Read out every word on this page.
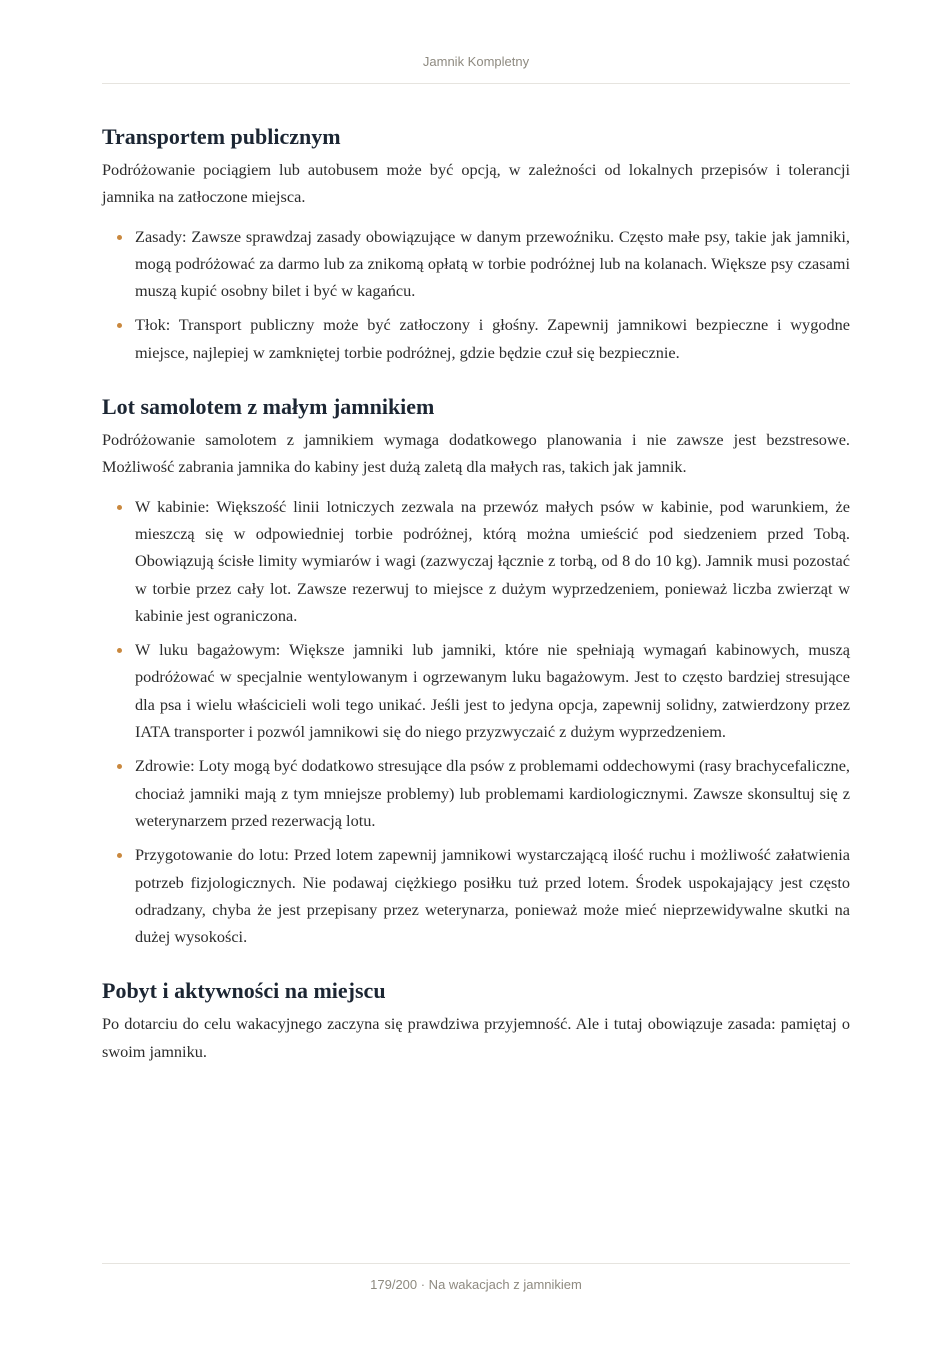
Jamnik Kompletny
Transportem publicznym

Podróżowanie pociągiem lub autobusem może być opcją, w zależności od lokalnych przepisów i tolerancji jamnika na zatłoczone miejsca.

Zasady: Zawsze sprawdzaj zasady obowiązujące w danym przewoźniku. Często małe psy, takie jak jamniki, mogą podróżować za darmo lub za znikomą opłatą w torbie podróżnej lub na kolanach. Większe psy czasami muszą kupić osobny bilet i być w kagańcu.
Tłok: Transport publiczny może być zatłoczony i głośny. Zapewnij jamnikowi bezpieczne i wygodne miejsce, najlepiej w zamkniętej torbie podróżnej, gdzie będzie czuł się bezpiecznie.
Lot samolotem z małym jamnikiem

Podróżowanie samolotem z jamnikiem wymaga dodatkowego planowania i nie zawsze jest bezstresowe. Możliwość zabrania jamnika do kabiny jest dużą zaletą dla małych ras, takich jak jamnik.

W kabinie: Większość linii lotniczych zezwala na przewóz małych psów w kabinie, pod warunkiem, że mieszczą się w odpowiedniej torbie podróżnej, którą można umieścić pod siedzeniem przed Tobą. Obowiązują ścisłe limity wymiarów i wagi (zazwyczaj łącznie z torbą, od 8 do 10 kg). Jamnik musi pozostać w torbie przez cały lot. Zawsze rezerwuj to miejsce z dużym wyprzedzeniem, ponieważ liczba zwierząt w kabinie jest ograniczona.
W luku bagażowym: Większe jamniki lub jamniki, które nie spełniają wymagań kabinowych, muszą podróżować w specjalnie wentylowanym i ogrzewanym luku bagażowym. Jest to często bardziej stresujące dla psa i wielu właścicieli woli tego unikać. Jeśli jest to jedyna opcja, zapewnij solidny, zatwierdzony przez IATA transporter i pozwól jamnikowi się do niego przyzwyczaić z dużym wyprzedzeniem.
Zdrowie: Loty mogą być dodatkowo stresujące dla psów z problemami oddechowymi (rasy brachycefaliczne, chociaż jamniki mają z tym mniejsze problemy) lub problemami kardiologicznymi. Zawsze skonsultuj się z weterynarzem przed rezerwacją lotu.
Przygotowanie do lotu: Przed lotem zapewnij jamnikowi wystarczającą ilość ruchu i możliwość załatwienia potrzeb fizjologicznych. Nie podawaj ciężkiego posiłku tuż przed lotem. Środek uspokajający jest często odradzany, chyba że jest przepisany przez weterynarza, ponieważ może mieć nieprzewidywalne skutki na dużej wysokości.
Pobyt i aktywności na miejscu

Po dotarciu do celu wakacyjnego zaczyna się prawdziwa przyjemność. Ale i tutaj obowiązuje zasada: pamiętaj o swoim jamniku.

179/200 · Na wakacjach z jamnikiem
